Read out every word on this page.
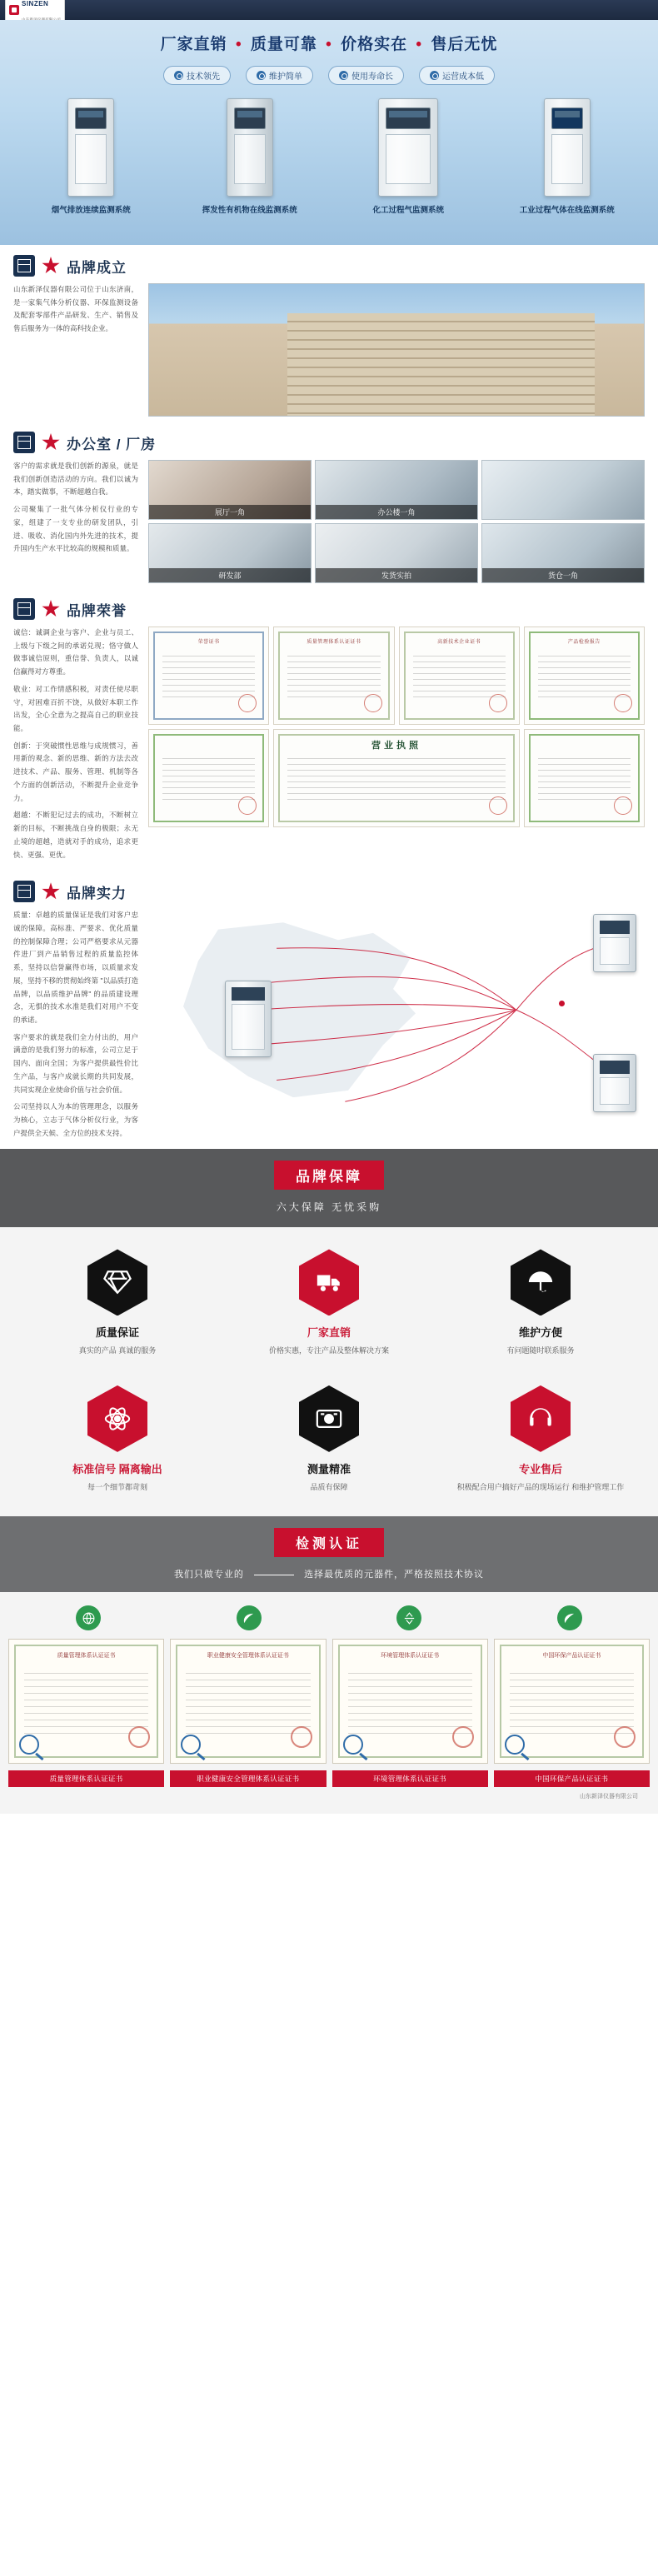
SINZEN

厂家直销 • 质量可靠 • 价格实在 • 售后无忧
技术领先	维护简单	使用寿命长	运营成本低
烟气排放连续监测系统	挥发性有机物在线监测系统	化工过程气监测系统	工业过程气体在线监测系统
品牌成立

山东新泽仪器有限公司位于山东济南，是一家集气体分析仪器、环保监测设备及配套零部件产品研发、生产、销售及售后服务为一体的高科技企业。

办公室 / 厂房

客户的需求就是我们创新的源泉，就是我们创新创造活动的方向。我们以诚为本，踏实做事，不断超越自我。

公司聚集了一批气体分析仪行业的专家，组建了一支专业的研发团队，引进、吸收、消化国内外先进的技术，提升国内生产水平比较高的规模和质量。

展厅一角	办公楼一角
研发部	发货实拍	货仓一角
品牌荣誉

诚信：诚调企业与客户、企业与员工、上级与下级之间的承诺兑现；恪守做人做事诚信原则，重信誉、负责人，以诚信赢得对方尊重。

敬业：对工作情感积极，对责任使尽职守，对困难百折不饶，从做好本职工作出发，全心全意为之提高自己的职业技能。

创新：于突破惯性思维与成规惯习，善用新的观念、新的思维、新的方法去改进技术、产品、服务、管理、机制等各个方面的创新活动，不断提升企业竞争力。

超越：不断犯记过去的成功，不断树立新的目标，不断挑战自身的极限；永无止境的超越，造就对手的成功，追求更快、更强、更优。

荣誉证书	质量管理体系认证证书	高新技术企业证书	产品检验报告
营业执照
品牌实力

质量：卓越的质量保证是我们对客户忠诚的保障。高标准、严要求、优化质量的控制保障合理；公司严格要求从元器件进厂到产品销售过程的质量监控体系，坚持以信誉赢得市场，以质量求发展，坚持不移的贯彻始终第 "以品质打造品牌，以品质维护品牌" 的品质建设理念，无惧的技术水准是我们对用户不变的承诺。

客户要求的就是我们全力付出的，用户满意的是我们努力的标准，公司立足于国内、面向全国；为客户提供最性价比生产品，与客户成就长期的共同发展，共同实现企业使命价值与社会价值。

公司坚持以人为本的管理理念，以服务为核心，立志于气体分析仪行业，为客户提供全天候、全方位的技术支持。

品牌保障
六大保障 无忧采购
质量保证
真实的产品 真诚的服务
厂家直销
价格实惠，专注产品及整体解决方案
维护方便
有问题随时联系服务
标准信号 隔离输出
每一个细节都苛刻
测量精准
品质有保障
专业售后
积极配合用户搞好产品的现场运行 和维护管理工作
检测认证
我们只做专业的	选择最优质的元器件，严格按照技术协议
质量管理体系认证证书	职业健康安全管理体系认证证书	环境管理体系认证证书	中国环保产品认证证书
质量管理体系认证证书	职业健康安全管理体系认证证书	环境管理体系认证证书	中国环保产品认证证书
山东新泽仪器有限公司
